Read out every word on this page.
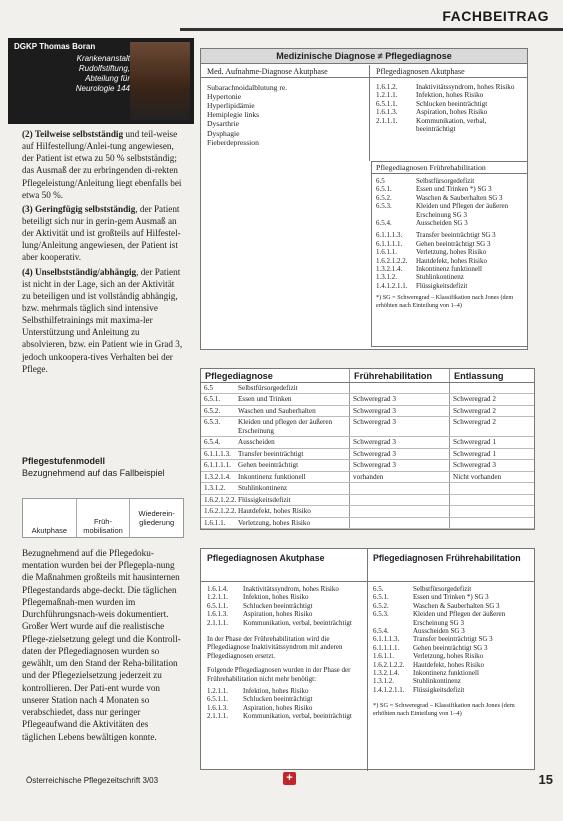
FACHBEITRAG
DGKP Thomas Boran
Krankenanstalt Rudolfstiftung, Abteilung für Neurologie 144

(2) Teilweise selbstständig und teil-weise auf Hilfestellung/Anlei-tung angewiesen, der Patient ist etwa zu 50 % selbstständig; das Ausmaß der zu erbringenden di-rekten Pflegeleistung/Anleitung liegt ebenfalls bei etwa 50 %.

(3) Geringfügig selbstständig, der Patient beteiligt sich nur in gerin-gem Ausmaß an der Aktivität und ist großteils auf Hilfestel-lung/Anleitung angewiesen, der Patient ist aber kooperativ.

(4) Unselbstständig/abhängig, der Patient ist nicht in der Lage, sich an der Aktivität zu beteiligen und ist vollständig abhängig, bzw. mehrmals täglich sind intensive Selbsthilfetrainings mit maxima-ler Unterstützung und Anleitung zu absolvieren, bzw. ein Patient wie in Grad 3, jedoch unkoopera-tives Verhalten bei der Pflege.

Pflegestufenmodell
Bezugnehmend auf das Fallbeispiel
Akutphase
Früh-mobilisation
Wiederein-gliederung
Bezugnehmend auf die Pflegedoku-mentation wurden bei der Pflegepla-nung die Maßnahmen großteils mit hausinternen Pflegestandards abge-deckt. Die täglichen Pflegemaßnah-men wurden im Durchführungsnach-weis dokumentiert. Großer Wert wurde auf die realistische Pflege-zielsetzung gelegt und die Kontroll-daten der Pflegediagnosen wurden so gewählt, um den Stand der Reha-bilitation und der Pflegezielsetzung jederzeit zu kontrollieren. Der Pati-ent wurde von unserer Station nach 4 Monaten so verabschiedet, dass nur geringer Pflegeaufwand die Aktivitäten des täglichen Lebens bewältigen konnte.
Medizinische Diagnose ≠ Pflegediagnose
Med. Aufnahme-Diagnose Akutphase	Pflegediagnosen Akutphase
Subarachnoidalblutung re.
Hypertonie
Hyperlipidämie
Hemiplegie links
Dysarthrie
Dysphagie
Fieberdepression
1.6.1.2.	Inaktivitätssyndrom, hohes Risiko
1.2.1.1.	Infektion, hohes Risiko
6.5.1.1.	Schlucken beeinträchtigt
1.6.1.3.	Aspiration, hohes Risiko
2.1.1.1.	Kommunikation, verbal, beeinträchtigt
Pflegediagnosen Frührehabilitation
6.5	Selbstfürsorgedefizit
6.5.1.	Essen und Trinken *) SG 3
6.5.2.	Waschen & Sauberhalten SG 3
6.5.3.	Kleiden und Pflegen der äußeren Erscheinung SG 3
6.5.4.	Ausscheiden SG 3
6.1.1.1.3.	Transfer beeinträchtigt SG 3
6.1.1.1.1.	Gehen beeinträchtigt SG 3
1.6.1.1.	Verletzung, hohes Risiko
1.6.2.1.2.2.	Hautdefekt, hohes Risiko
1.3.2.1.4.	Inkontinenz funktionell
1.3.1.2.	Stuhlinkontinenz
1.4.1.2.1.1.	Flüssigkeitsdefizit
*) SG = Schweregrad – Klassifikation nach Jones (dem erhöhten nach Einteilung von 1–4)
Pflegediagnose	Frührehabilitation	Entlassung
6.5	Selbstfürsorgedefizit
6.5.1.	Essen und Trinken	Schweregrad 3	Schweregrad 2
6.5.2.	Waschen und Sauberhalten	Schweregrad 3	Schweregrad 2
6.5.3.	Kleiden und pflegen der äußeren Erscheinung
Schweregrad 3	Schweregrad 2
6.5.4.	Ausscheiden	Schweregrad 3	Schweregrad 1
6.1.1.1.3. Transfer beeinträchtigt	Schweregrad 3	Schweregrad 1
6.1.1.1.1. Gehen beeinträchtigt	Schweregrad 3	Schweregrad 3
1.3.2.1.4. Inkontinenz funktionell	vorhanden	Nicht vorhanden
1.3.1.2.	Stuhlinkontinenz
1.6.2.1.2.2. Flüssigkeitsdefizit
1.6.2.1.2.2. Hautdefekt, hohes Risiko
1.6.1.1.	Verletzung, hohes Risiko
Pflegediagnosen Akutphase	Pflegediagnosen Frührehabilitation
1.6.1.4.	Inaktivitätssyndrom, hohes Risiko
1.2.1.1.	Infektion, hohes Risiko
6.5.1.1.	Schlucken beeinträchtigt
1.6.1.3.	Aspiration, hohes Risiko
2.1.1.1.	Kommunikation, verbal, beeinträchtigt
In der Phase der Frührehabilitation wird die Pflegediagnose Inaktivitätssyndrom mit anderen Pflegediagnosen ersetzt.
Folgende Pflegediagnosen wurden in der Phase der Frührehabilitation nicht mehr benötigt:
1.2.1.1.	Infektion, hohes Risiko
6.5.1.1.	Schlucken beeinträchtigt
1.6.1.3.	Aspiration, hohes Risiko
2.1.1.1.	Kommunikation, verbal, beeinträchtigt
6.5.	Selbstfürsorgedefizit
6.5.1.	Essen und Trinken *) SG 3
6.5.2.	Waschen & Sauberhalten SG 3
6.5.3.	Kleiden und Pflegen der äußeren Erscheinung SG 3
6.5.4.	Ausscheiden SG 3
6.1.1.1.3.	Transfer beeinträchtigt SG 3
6.1.1.1.1.	Gehen beeinträchtigt SG 3
1.6.1.1.	Verletzung, hohes Risiko
1.6.2.1.2.2.	Hautdefekt, hohes Risiko
1.3.2.1.4.	Inkontinenz funktionell
1.3.1.2.	Stuhlinkontinenz
1.4.1.2.1.1.	Flüssigkeitsdefizit
*) SG = Schweregrad – Klassifikation nach Jones (dem erhöhten nach Einteilung von 1–4)
Österreichische Pflegezeitschrift 3/03	+	15
